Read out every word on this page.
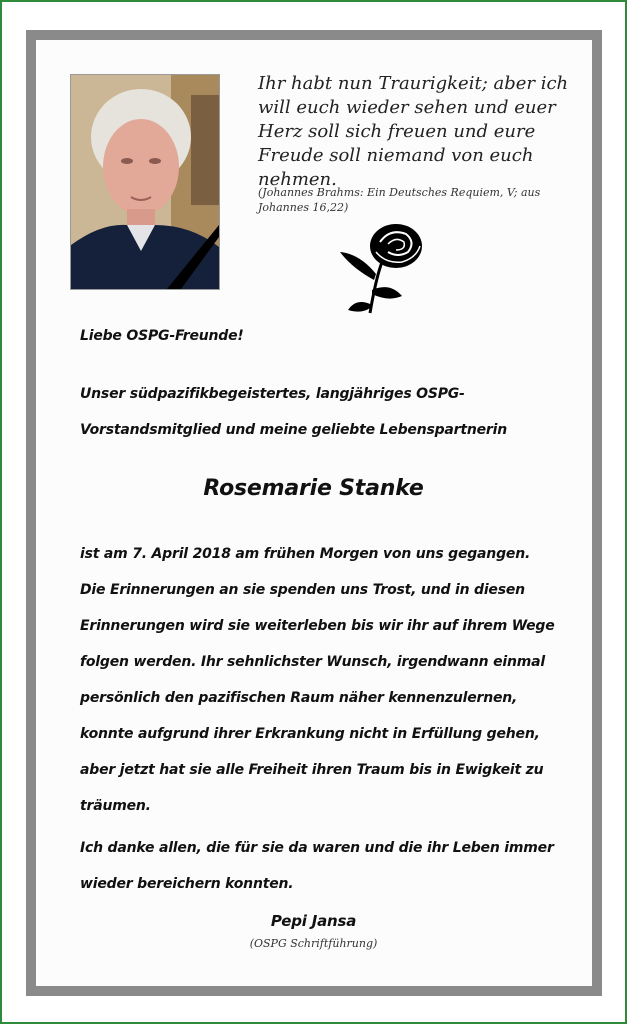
Ihr habt nun Traurigkeit; aber ich will euch wieder sehen und euer Herz soll sich freuen und eure Freude soll niemand von euch nehmen.
(Johannes Brahms: Ein Deutsches Requiem, V; aus Johannes 16,22)
Liebe OSPG-Freunde!
Unser südpazifikbegeistertes, langjähriges OSPG-Vorstandsmitglied und meine geliebte Lebenspartnerin
Rosemarie Stanke
ist am 7. April 2018 am frühen Morgen von uns gegangen. Die Erinnerungen an sie spenden uns Trost, und in diesen Erinnerungen wird sie weiterleben bis wir ihr auf ihrem Wege folgen werden. Ihr sehnlichster Wunsch, irgendwann einmal persönlich den pazifischen Raum näher kennenzulernen, konnte aufgrund ihrer Erkrankung nicht in Erfüllung gehen, aber jetzt hat sie alle Freiheit ihren Traum bis in Ewigkeit zu träumen.
Ich danke allen, die für sie da waren und die ihr Leben immer wieder bereichern konnten.
Pepi Jansa
(OSPG Schriftführung)
